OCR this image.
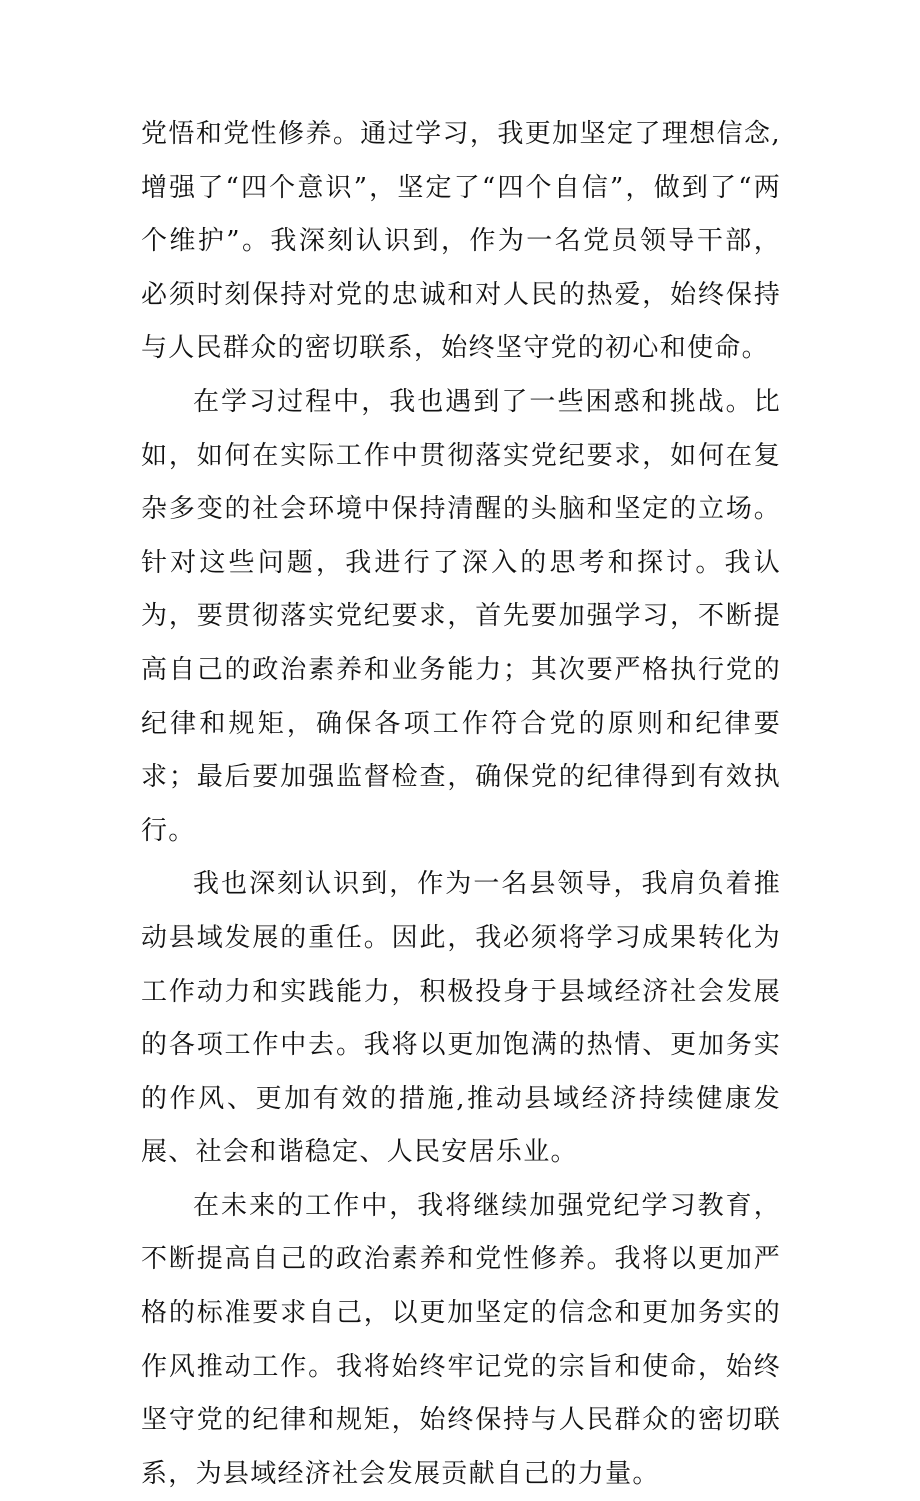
党悟和党性修养。通过学习，我更加坚定了理想信念,增强了“四个意识”，坚定了“四个自信”，做到了“两个维护”。我深刻认识到，作为一名党员领导干部，必须时刻保持对党的忠诚和对人民的热爱，始终保持与人民群众的密切联系，始终坚守党的初心和使命。

在学习过程中，我也遇到了一些困惑和挑战。比如，如何在实际工作中贯彻落实党纪要求，如何在复杂多变的社会环境中保持清醒的头脑和坚定的立场。针对这些问题，我进行了深入的思考和探讨。我认为，要贯彻落实党纪要求，首先要加强学习，不断提高自己的政治素养和业务能力；其次要严格执行党的纪律和规矩，确保各项工作符合党的原则和纪律要求；最后要加强监督检查，确保党的纪律得到有效执行。

我也深刻认识到，作为一名县领导，我肩负着推动县域发展的重任。因此，我必须将学习成果转化为工作动力和实践能力，积极投身于县域经济社会发展的各项工作中去。我将以更加饱满的热情、更加务实的作风、更加有效的措施,推动县域经济持续健康发展、社会和谐稳定、人民安居乐业。

在未来的工作中，我将继续加强党纪学习教育，不断提高自己的政治素养和党性修养。我将以更加严格的标准要求自己，以更加坚定的信念和更加务实的作风推动工作。我将始终牢记党的宗旨和使命，始终坚守党的纪律和规矩，始终保持与人民群众的密切联系，为县域经济社会发展贡献自己的力量。
